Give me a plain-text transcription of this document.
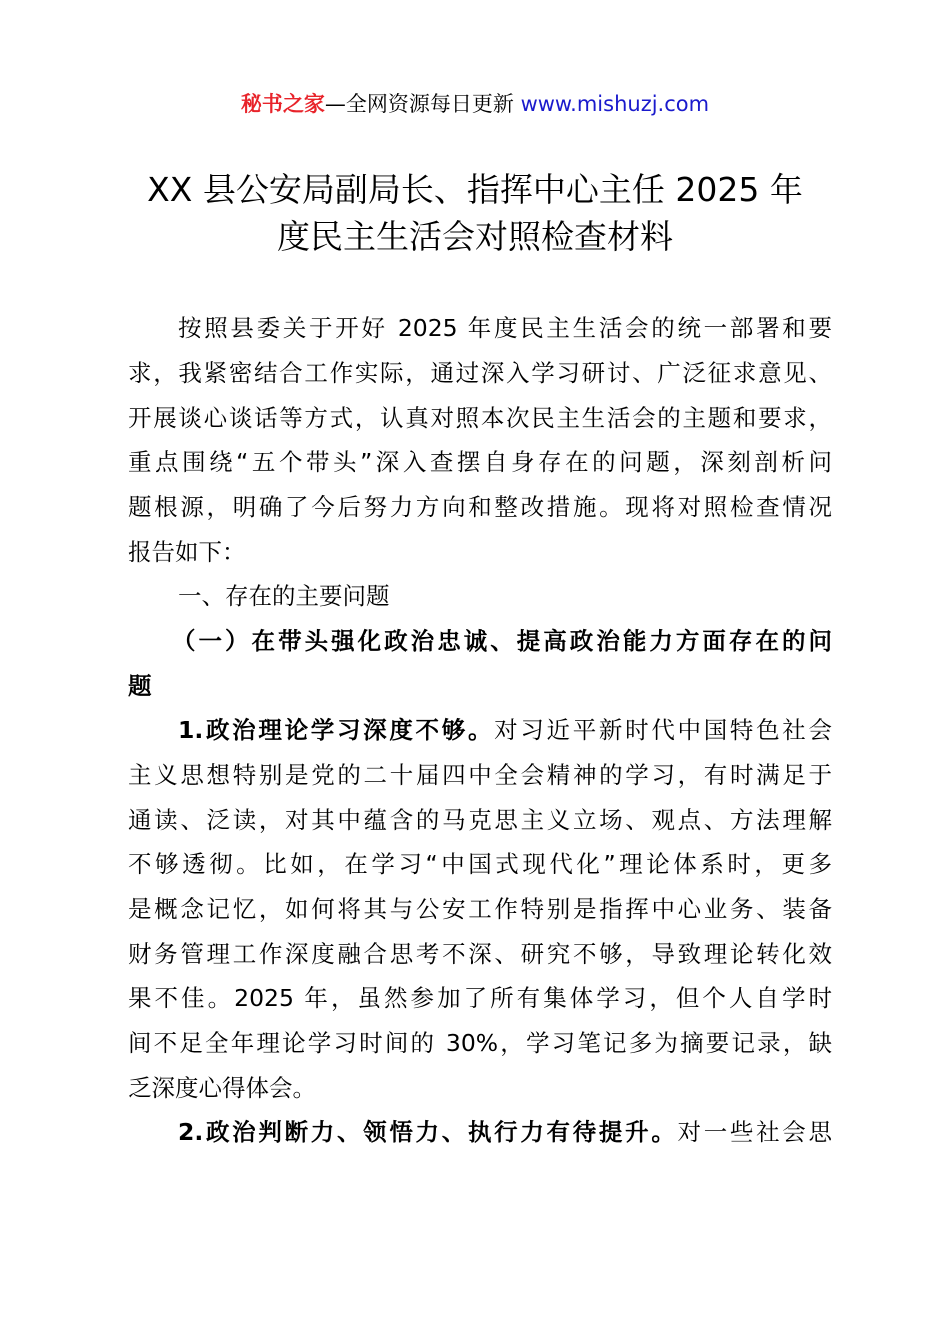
秘书之家—全网资源每日更新 www.mishuzj.com
XX 县公安局副局长、指挥中心主任 2025 年
度民主生活会对照检查材料
按照县委关于开好 2025 年度民主生活会的统一部署和要
求，我紧密结合工作实际，通过深入学习研讨、广泛征求意见、
开展谈心谈话等方式，认真对照本次民主生活会的主题和要求，
重点围绕“五个带头”深入查摆自身存在的问题，深刻剖析问
题根源，明确了今后努力方向和整改措施。现将对照检查情况
报告如下：
一、存在的主要问题
（一）在带头强化政治忠诚、提高政治能力方面存在的问
题
1.政治理论学习深度不够。对习近平新时代中国特色社会
主义思想特别是党的二十届四中全会精神的学习，有时满足于
通读、泛读，对其中蕴含的马克思主义立场、观点、方法理解
不够透彻。比如，在学习“中国式现代化”理论体系时，更多
是概念记忆，如何将其与公安工作特别是指挥中心业务、装备
财务管理工作深度融合思考不深、研究不够，导致理论转化效
果不佳。2025 年，虽然参加了所有集体学习，但个人自学时
间不足全年理论学习时间的 30%，学习笔记多为摘要记录，缺
乏深度心得体会。
2.政治判断力、领悟力、执行力有待提升。对一些社会思
